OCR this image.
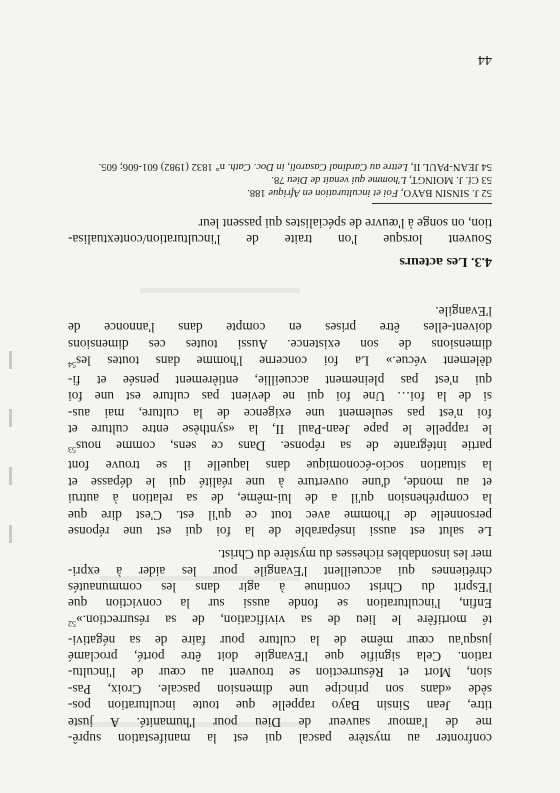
confronter au mystère pascal qui est la manifestation suprê-
me de l'amour sauveur de Dieu pour l'humanité. A juste
titre, Jean Sinsin Bayo rappelle que toute inculturation pos-
sède «dans son principe une dimension pascale. Croix, Pas-
sion, Mort et Résurrection se trouvent au cœur de l'incultu-
ration. Cela signifie que l'Evangile doit être porté, proclamé
jusqu'au cœur même de la culture pour faire de sa négativi-
té mortifère le lieu de sa vivification, de sa résurrection.»$^{52}$
Enfin, l'inculturation se fonde aussi sur la conviction que
l'Esprit du Christ continue à agir dans les communautés
chrétiennes qui accueillent l'Evangile pour les aider à expri-
mer les insondables richesses du mystère du Christ.
Le salut est aussi inséparable de la foi qui est une réponse
personnelle de l'homme avec tout ce qu'il est. C'est dire que
la compréhension qu'il a de lui-même, de sa relation à autrui
et au monde, d'une ouverture à une réalité qui le dépasse et
la situation socio-économique dans laquelle il se trouve font
partie intégrante de sa réponse. Dans ce sens, comme nous$^{53}$
le rappelle le pape Jean-Paul II, la «synthèse entre culture et
foi n'est pas seulement une exigence de la culture, mai aus-
si de la foi… Une foi qui ne devient pas culture est une foi
qui n'est pas pleinement accueillie, entièrement pensée et fi-
dèlement vécue.» La foi concerne l'homme dans toutes les$^{54}$
dimensions de son existence. Aussi toutes ces dimensions
doivent-elles être prises en compte dans l'annonce de
l'Evangile.
4.3. Les acteurs
Souvent lorsque l'on traite de l'inculturation/contextualisa-
tion, on songe à l'œuvre de spécialistes qui passent leur
52 J. SINSIN BAYO, Foi et inculturation en Afrique 188.
53 Cf. J. MOINGT, L'homme qui venait de Dieu 78.
54 JEAN-PAUL II, Lettre au Cardinal Casaroli, in Doc. Cath. n° 1832 (1982) 601-606; 605.
44
